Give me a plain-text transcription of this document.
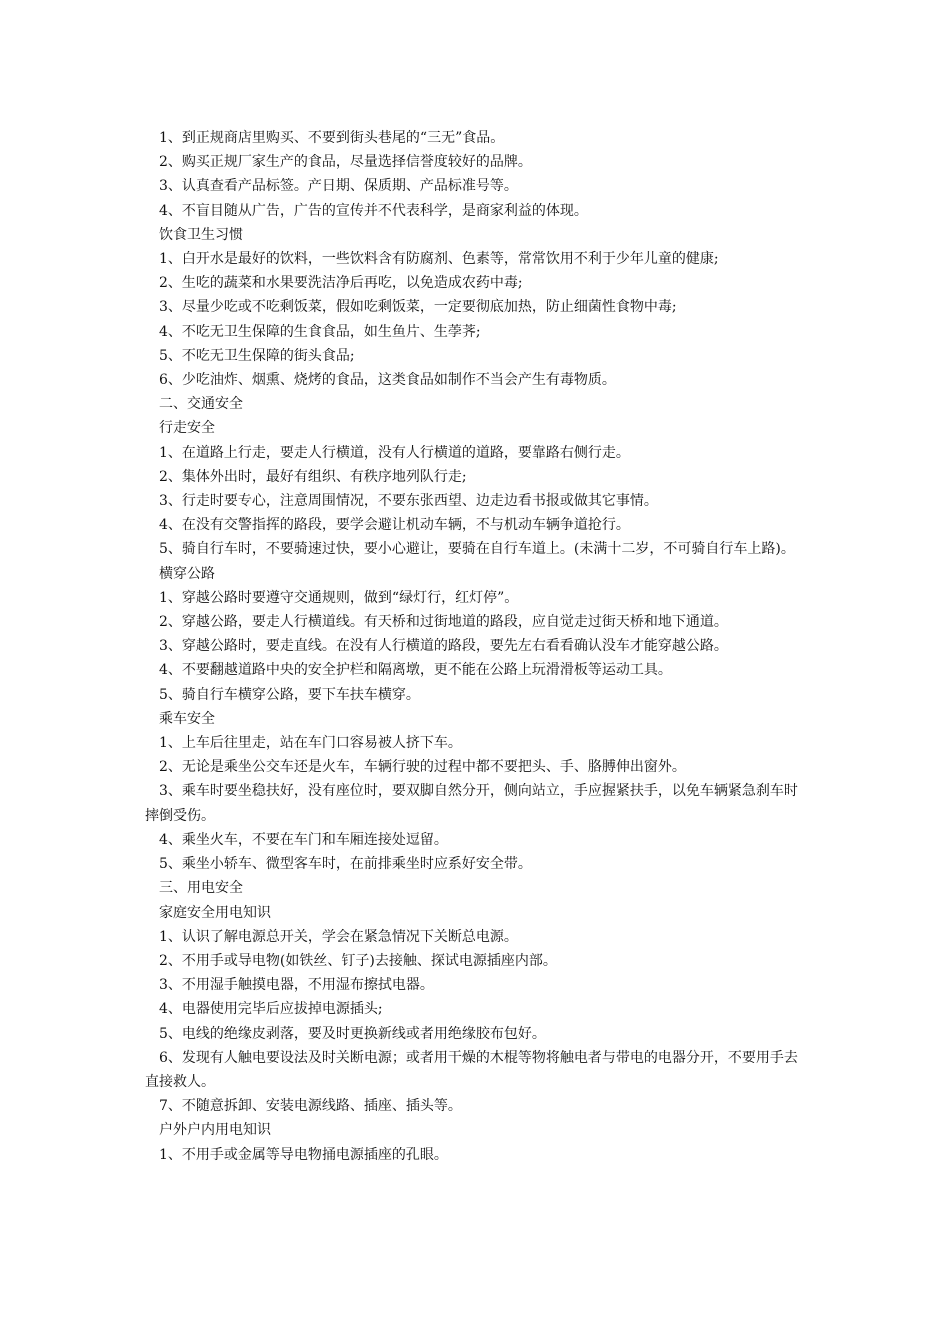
1、到正规商店里购买、不要到街头巷尾的“三无”食品。

2、购买正规厂家生产的食品，尽量选择信誉度较好的品牌。

3、认真查看产品标签。产日期、保质期、产品标准号等。

4、不盲目随从广告，广告的宣传并不代表科学，是商家利益的体现。

饮食卫生习惯

1、白开水是最好的饮料，一些饮料含有防腐剂、色素等，常常饮用不利于少年儿童的健康;

2、生吃的蔬菜和水果要洗洁净后再吃，以免造成农药中毒;

3、尽量少吃或不吃剩饭菜，假如吃剩饭菜，一定要彻底加热，防止细菌性食物中毒;

4、不吃无卫生保障的生食食品，如生鱼片、生荸荠;

5、不吃无卫生保障的街头食品;

6、少吃油炸、烟熏、烧烤的食品，这类食品如制作不当会产生有毒物质。

二、交通安全

行走安全

1、在道路上行走，要走人行横道，没有人行横道的道路，要靠路右侧行走。

2、集体外出时，最好有组织、有秩序地列队行走;

3、行走时要专心，注意周围情况，不要东张西望、边走边看书报或做其它事情。

4、在没有交警指挥的路段，要学会避让机动车辆，不与机动车辆争道抢行。

5、骑自行车时，不要骑速过快，要小心避让，要骑在自行车道上。(未满十二岁，不可骑自行车上路)。

横穿公路

1、穿越公路时要遵守交通规则，做到“绿灯行，红灯停”。

2、穿越公路，要走人行横道线。有天桥和过街地道的路段，应自觉走过街天桥和地下通道。

3、穿越公路时，要走直线。在没有人行横道的路段，要先左右看看确认没车才能穿越公路。

4、不要翻越道路中央的安全护栏和隔离墩，更不能在公路上玩滑滑板等运动工具。

5、骑自行车横穿公路，要下车扶车横穿。

乘车安全

1、上车后往里走，站在车门口容易被人挤下车。

2、无论是乘坐公交车还是火车，车辆行驶的过程中都不要把头、手、胳膊伸出窗外。

3、乘车时要坐稳扶好，没有座位时，要双脚自然分开，侧向站立，手应握紧扶手，以免车辆紧急刹车时摔倒受伤。

4、乘坐火车，不要在车门和车厢连接处逗留。

5、乘坐小轿车、微型客车时，在前排乘坐时应系好安全带。

三、用电安全

家庭安全用电知识

1、认识了解电源总开关，学会在紧急情况下关断总电源。

2、不用手或导电物(如铁丝、钉子)去接触、探试电源插座内部。

3、不用湿手触摸电器，不用湿布擦拭电器。

4、电器使用完毕后应拔掉电源插头;

5、电线的绝缘皮剥落，要及时更换新线或者用绝缘胶布包好。

6、发现有人触电要设法及时关断电源；或者用干燥的木棍等物将触电者与带电的电器分开，不要用手去直接救人。

7、不随意拆卸、安装电源线路、插座、插头等。

户外户内用电知识

1、不用手或金属等导电物捅电源插座的孔眼。
